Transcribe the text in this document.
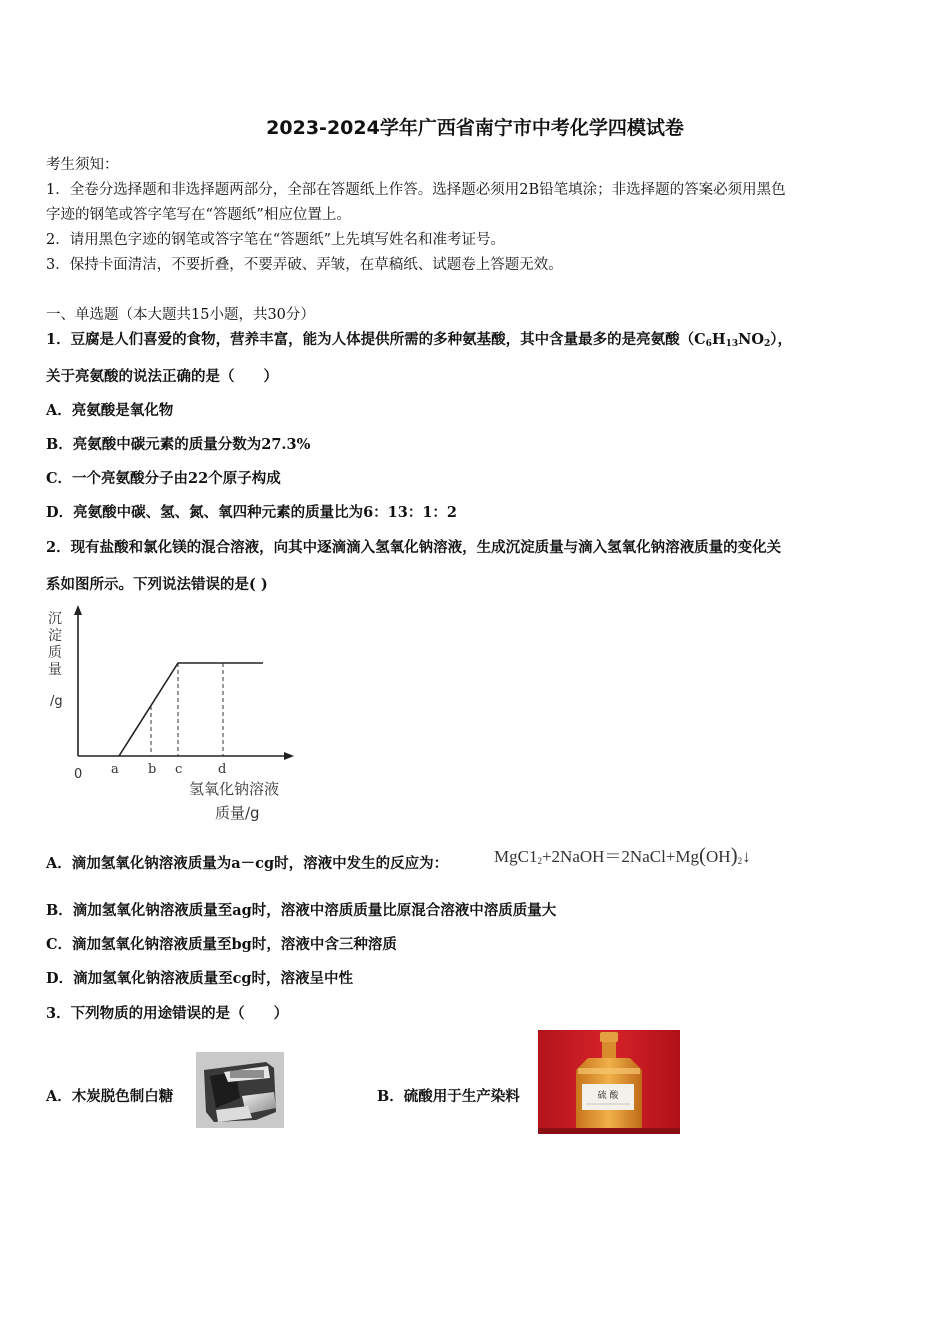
2023-2024学年广西省南宁市中考化学四模试卷
考生须知：
1．全卷分选择题和非选择题两部分，全部在答题纸上作答。选择题必须用2B铅笔填涂；非选择题的答案必须用黑色
字迹的钢笔或答字笔写在“答题纸”相应位置上。
2．请用黑色字迹的钢笔或答字笔在“答题纸”上先填写姓名和准考证号。
3．保持卡面清洁，不要折叠，不要弄破、弄皱，在草稿纸、试题卷上答题无效。
一、单选题（本大题共15小题，共30分）
1．豆腐是人们喜爱的食物，营养丰富，能为人体提供所需的多种氨基酸，其中含量最多的是亮氨酸$(C_6H_{13}NO_2)$，
关于亮氨酸的说法正确的是（　　）
A．亮氨酸是氧化物
B．亮氨酸中碳元素的质量分数为27.3%
C．一个亮氨酸分子由22个原子构成
D．亮氨酸中碳、氢、氮、氧四种元素的质量比为6：13：1：2
2．现有盐酸和氯化镁的混合溶液，向其中逐滴滴入氢氧化钠溶液，生成沉淀质量与滴入氢氧化钠溶液质量的变化关
系如图所示。下列说法错误的是( )
沉
淀
质
量
/g
0 a b c	d
氢氧化钠溶液
质量/g
A．滴加氢氧化钠溶液质量为a－cg时，溶液中发生的反应为：	$MgC1_2+2NaOH=2NaCl+Mg(OH)_2↓$
B．滴加氢氧化钠溶液质量至ag时，溶液中溶质质量比原混合溶液中溶质质量大
C．滴加氢氧化钠溶液质量至bg时，溶液中含三种溶质
D．滴加氢氧化钠溶液质量至cg时，溶液呈中性
3．下列物质的用途错误的是（　　）
A．木炭脱色制白糖	B．硫酸用于生产染料	硫 酸
